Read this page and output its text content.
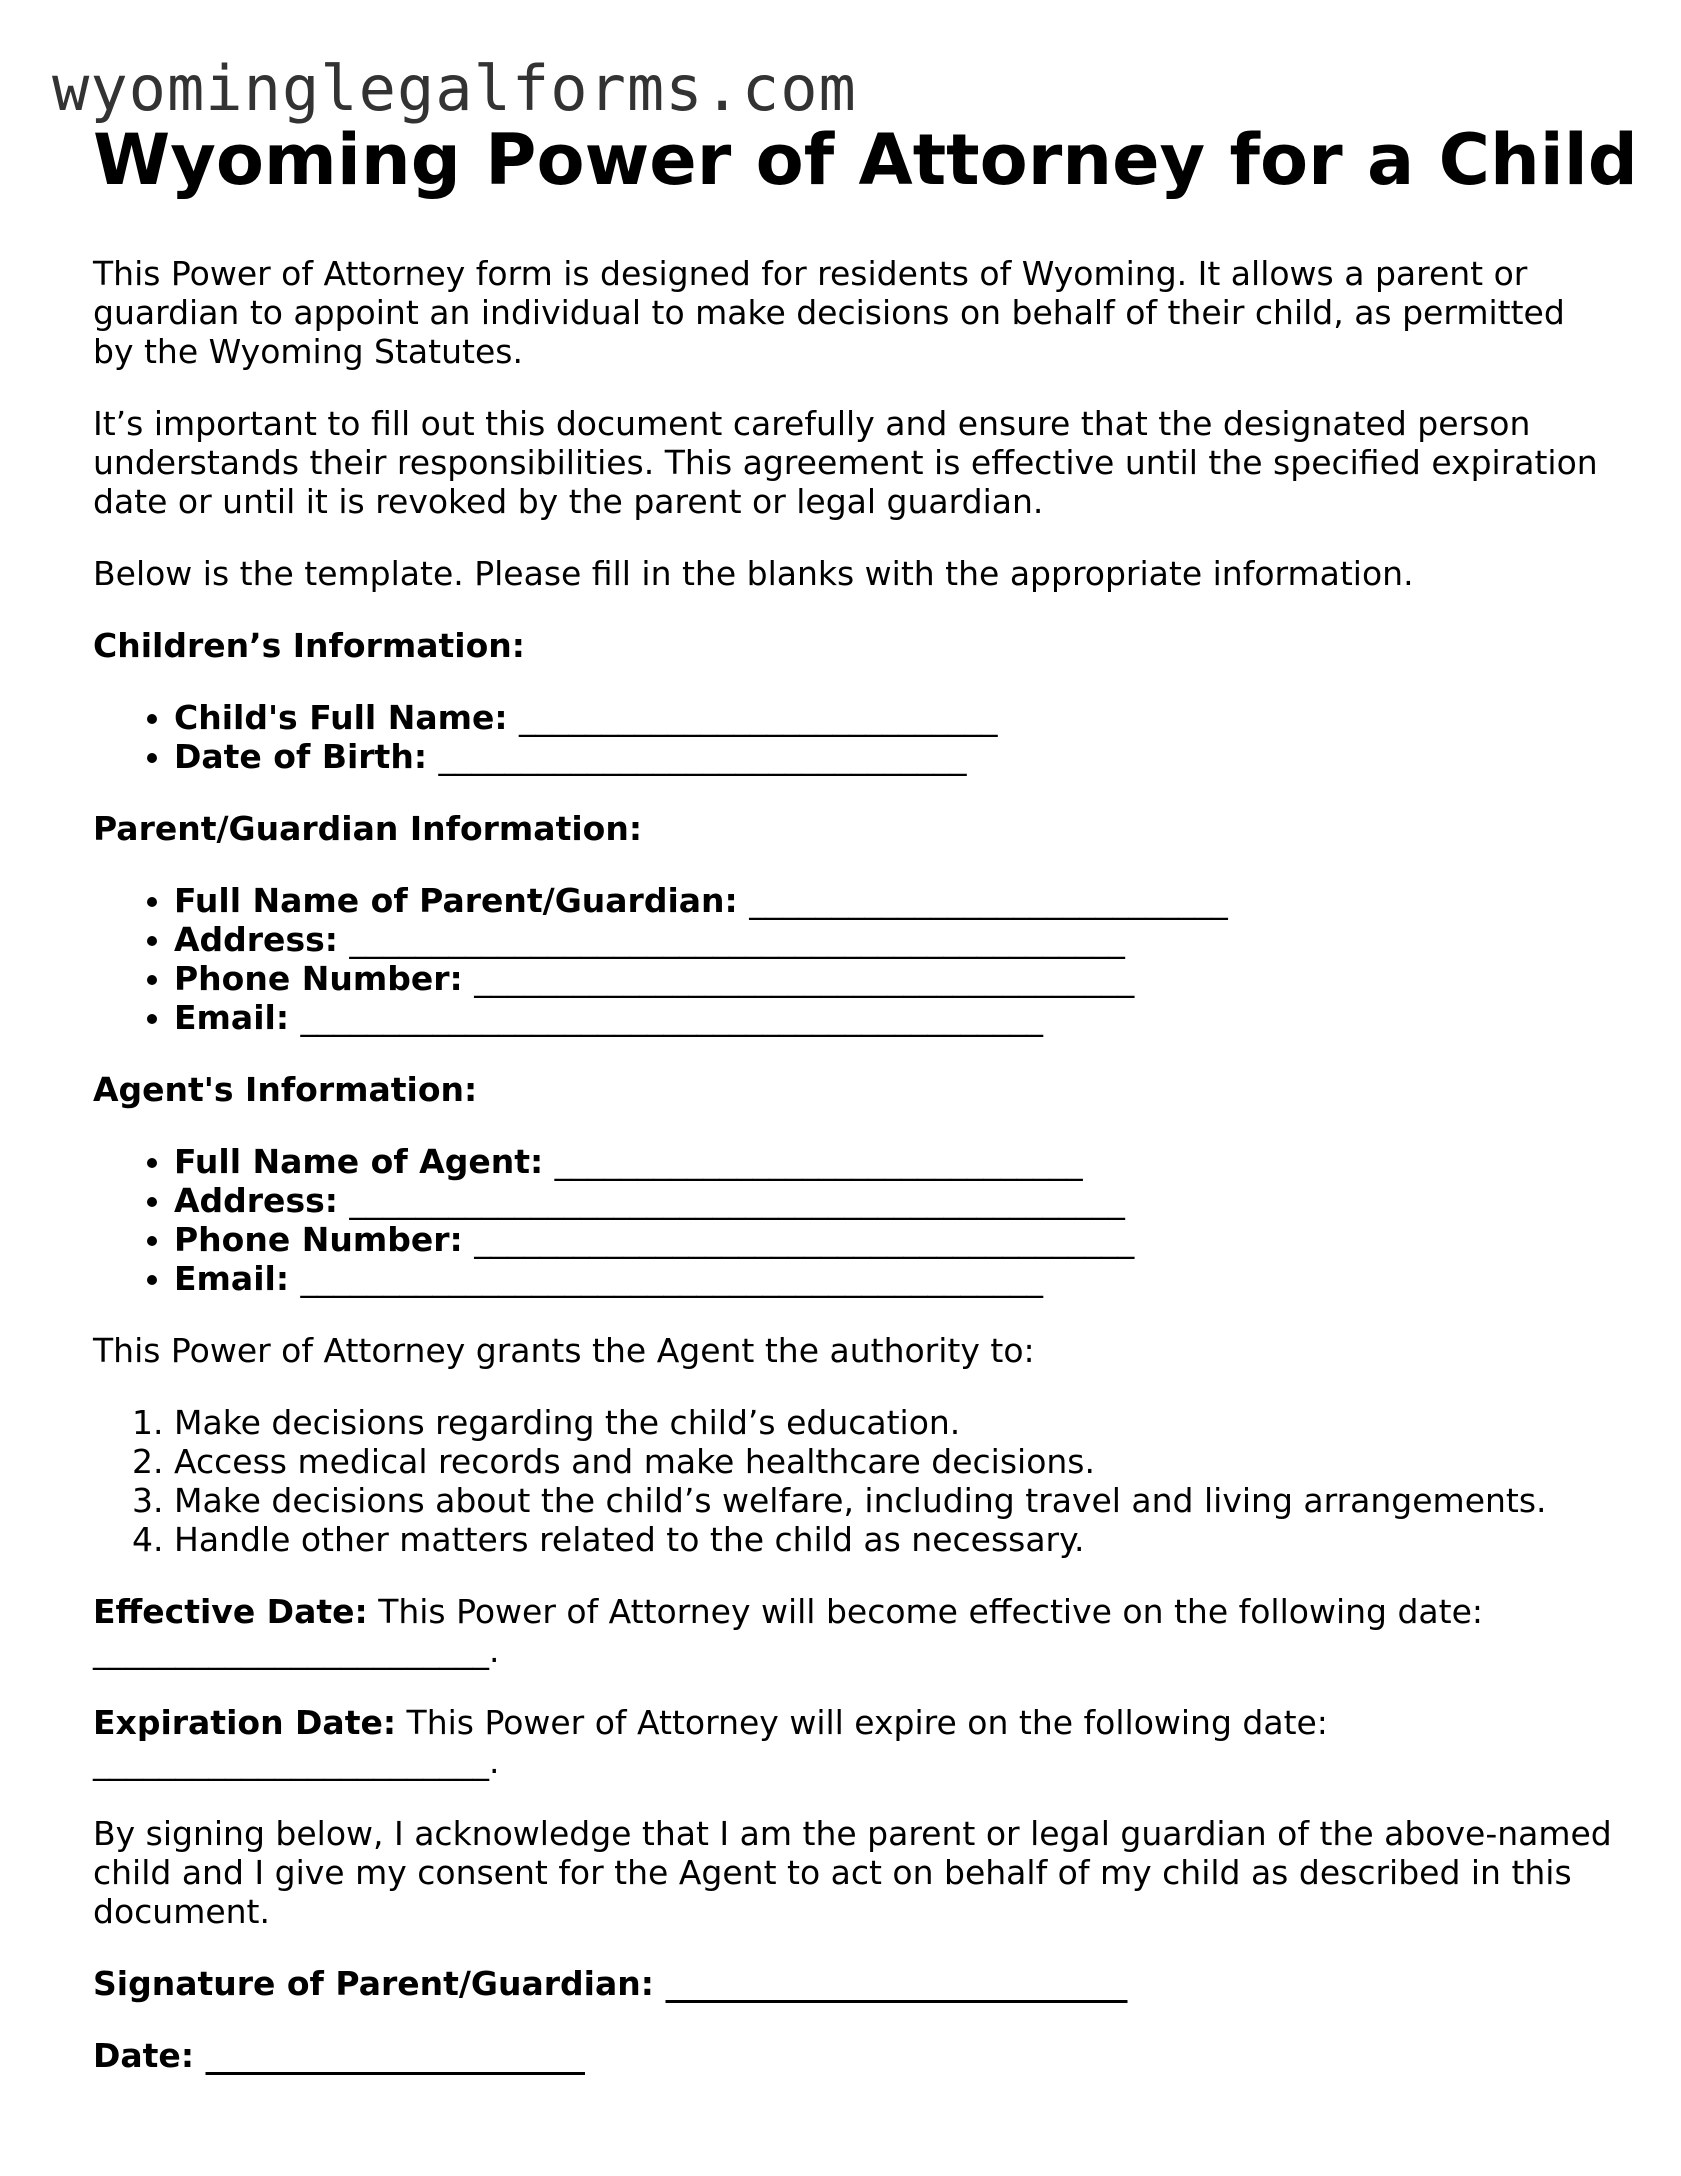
wyominglegalforms.com
Wyoming Power of Attorney for a Child

This Power of Attorney form is designed for residents of Wyoming. It allows a parent or guardian to appoint an individual to make decisions on behalf of their child, as permitted by the Wyoming Statutes.

It’s important to fill out this document carefully and ensure that the designated person understands their responsibilities. This agreement is effective until the specified expiration date or until it is revoked by the parent or legal guardian.

Below is the template. Please fill in the blanks with the appropriate information.

Children’s Information:
• Child's Full Name: _____________________________
• Date of Birth: ________________________________
Parent/Guardian Information:
• Full Name of Parent/Guardian: _____________________________
• Address: _______________________________________________
• Phone Number: ________________________________________
• Email: _____________________________________________
Agent's Information:
• Full Name of Agent: ________________________________
• Address: _______________________________________________
• Phone Number: ________________________________________
• Email: _____________________________________________

This Power of Attorney grants the Agent the authority to:

1. Make decisions regarding the child’s education.
2. Access medical records and make healthcare decisions.
3. Make decisions about the child’s welfare, including travel and living arrangements.
4. Handle other matters related to the child as necessary.

Effective Date: This Power of Attorney will become effective on the following date:
________________________.

Expiration Date: This Power of Attorney will expire on the following date:
________________________.

By signing below, I acknowledge that I am the parent or legal guardian of the above-named child and I give my consent for the Agent to act on behalf of my child as described in this document.

Signature of Parent/Guardian: ____________________________
Date: _______________________
